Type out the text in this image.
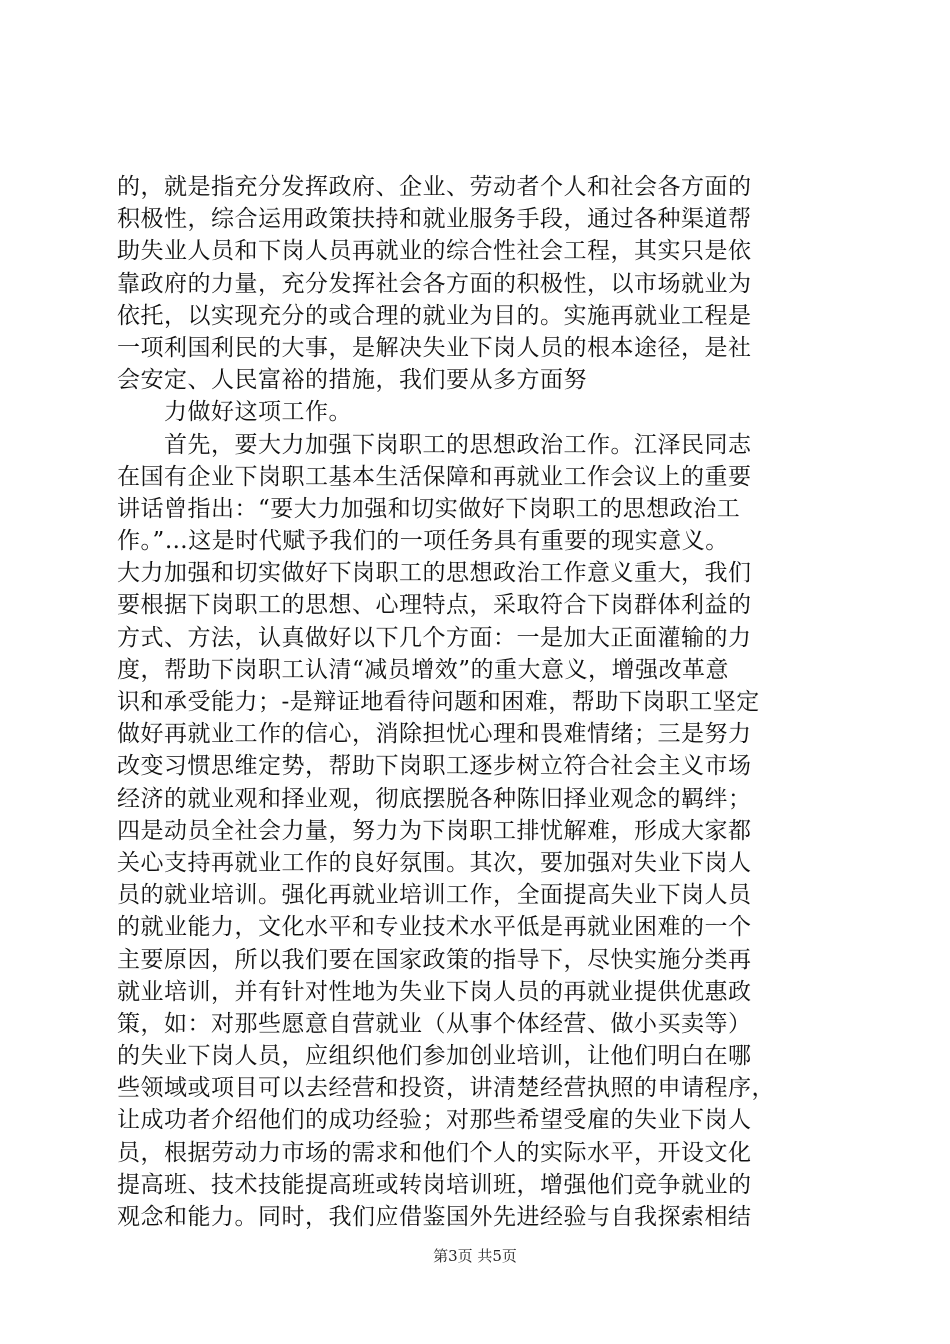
的，就是指充分发挥政府、企业、劳动者个人和社会各方面的
积极性，综合运用政策扶持和就业服务手段，通过各种渠道帮
助失业人员和下岗人员再就业的综合性社会工程，其实只是依
靠政府的力量，充分发挥社会各方面的积极性，以市场就业为
依托，以实现充分的或合理的就业为目的。实施再就业工程是
一项利国利民的大事，是解决失业下岗人员的根本途径，是社
会安定、人民富裕的措施，我们要从多方面努
　　力做好这项工作。
　　首先，要大力加强下岗职工的思想政治工作。江泽民同志
在国有企业下岗职工基本生活保障和再就业工作会议上的重要
讲话曾指出：“要大力加强和切实做好下岗职工的思想政治工
作。”…这是时代赋予我们的一项任务具有重要的现实意义。
大力加强和切实做好下岗职工的思想政治工作意义重大，我们
要根据下岗职工的思想、心理特点，采取符合下岗群体利益的
方式、方法，认真做好以下几个方面：一是加大正面灌输的力
度，帮助下岗职工认清“减员增效”的重大意义，增强改革意
识和承受能力；-是辩证地看待问题和困难，帮助下岗职工坚定
做好再就业工作的信心，消除担忧心理和畏难情绪；三是努力
改变习惯思维定势，帮助下岗职工逐步树立符合社会主义市场
经济的就业观和择业观，彻底摆脱各种陈旧择业观念的羁绊；
四是动员全社会力量，努力为下岗职工排忧解难，形成大家都
关心支持再就业工作的良好氛围。其次，要加强对失业下岗人
员的就业培训。强化再就业培训工作，全面提高失业下岗人员
的就业能力，文化水平和专业技术水平低是再就业困难的一个
主要原因，所以我们要在国家政策的指导下，尽快实施分类再
就业培训，并有针对性地为失业下岗人员的再就业提供优惠政
策，如：对那些愿意自营就业（从事个体经营、做小买卖等）
的失业下岗人员，应组织他们参加创业培训，让他们明白在哪
些领域或项目可以去经营和投资，讲清楚经营执照的申请程序，
让成功者介绍他们的成功经验；对那些希望受雇的失业下岗人
员，根据劳动力市场的需求和他们个人的实际水平，开设文化
提高班、技术技能提高班或转岗培训班，增强他们竞争就业的
观念和能力。同时，我们应借鉴国外先进经验与自我探索相结
第3页 共5页
